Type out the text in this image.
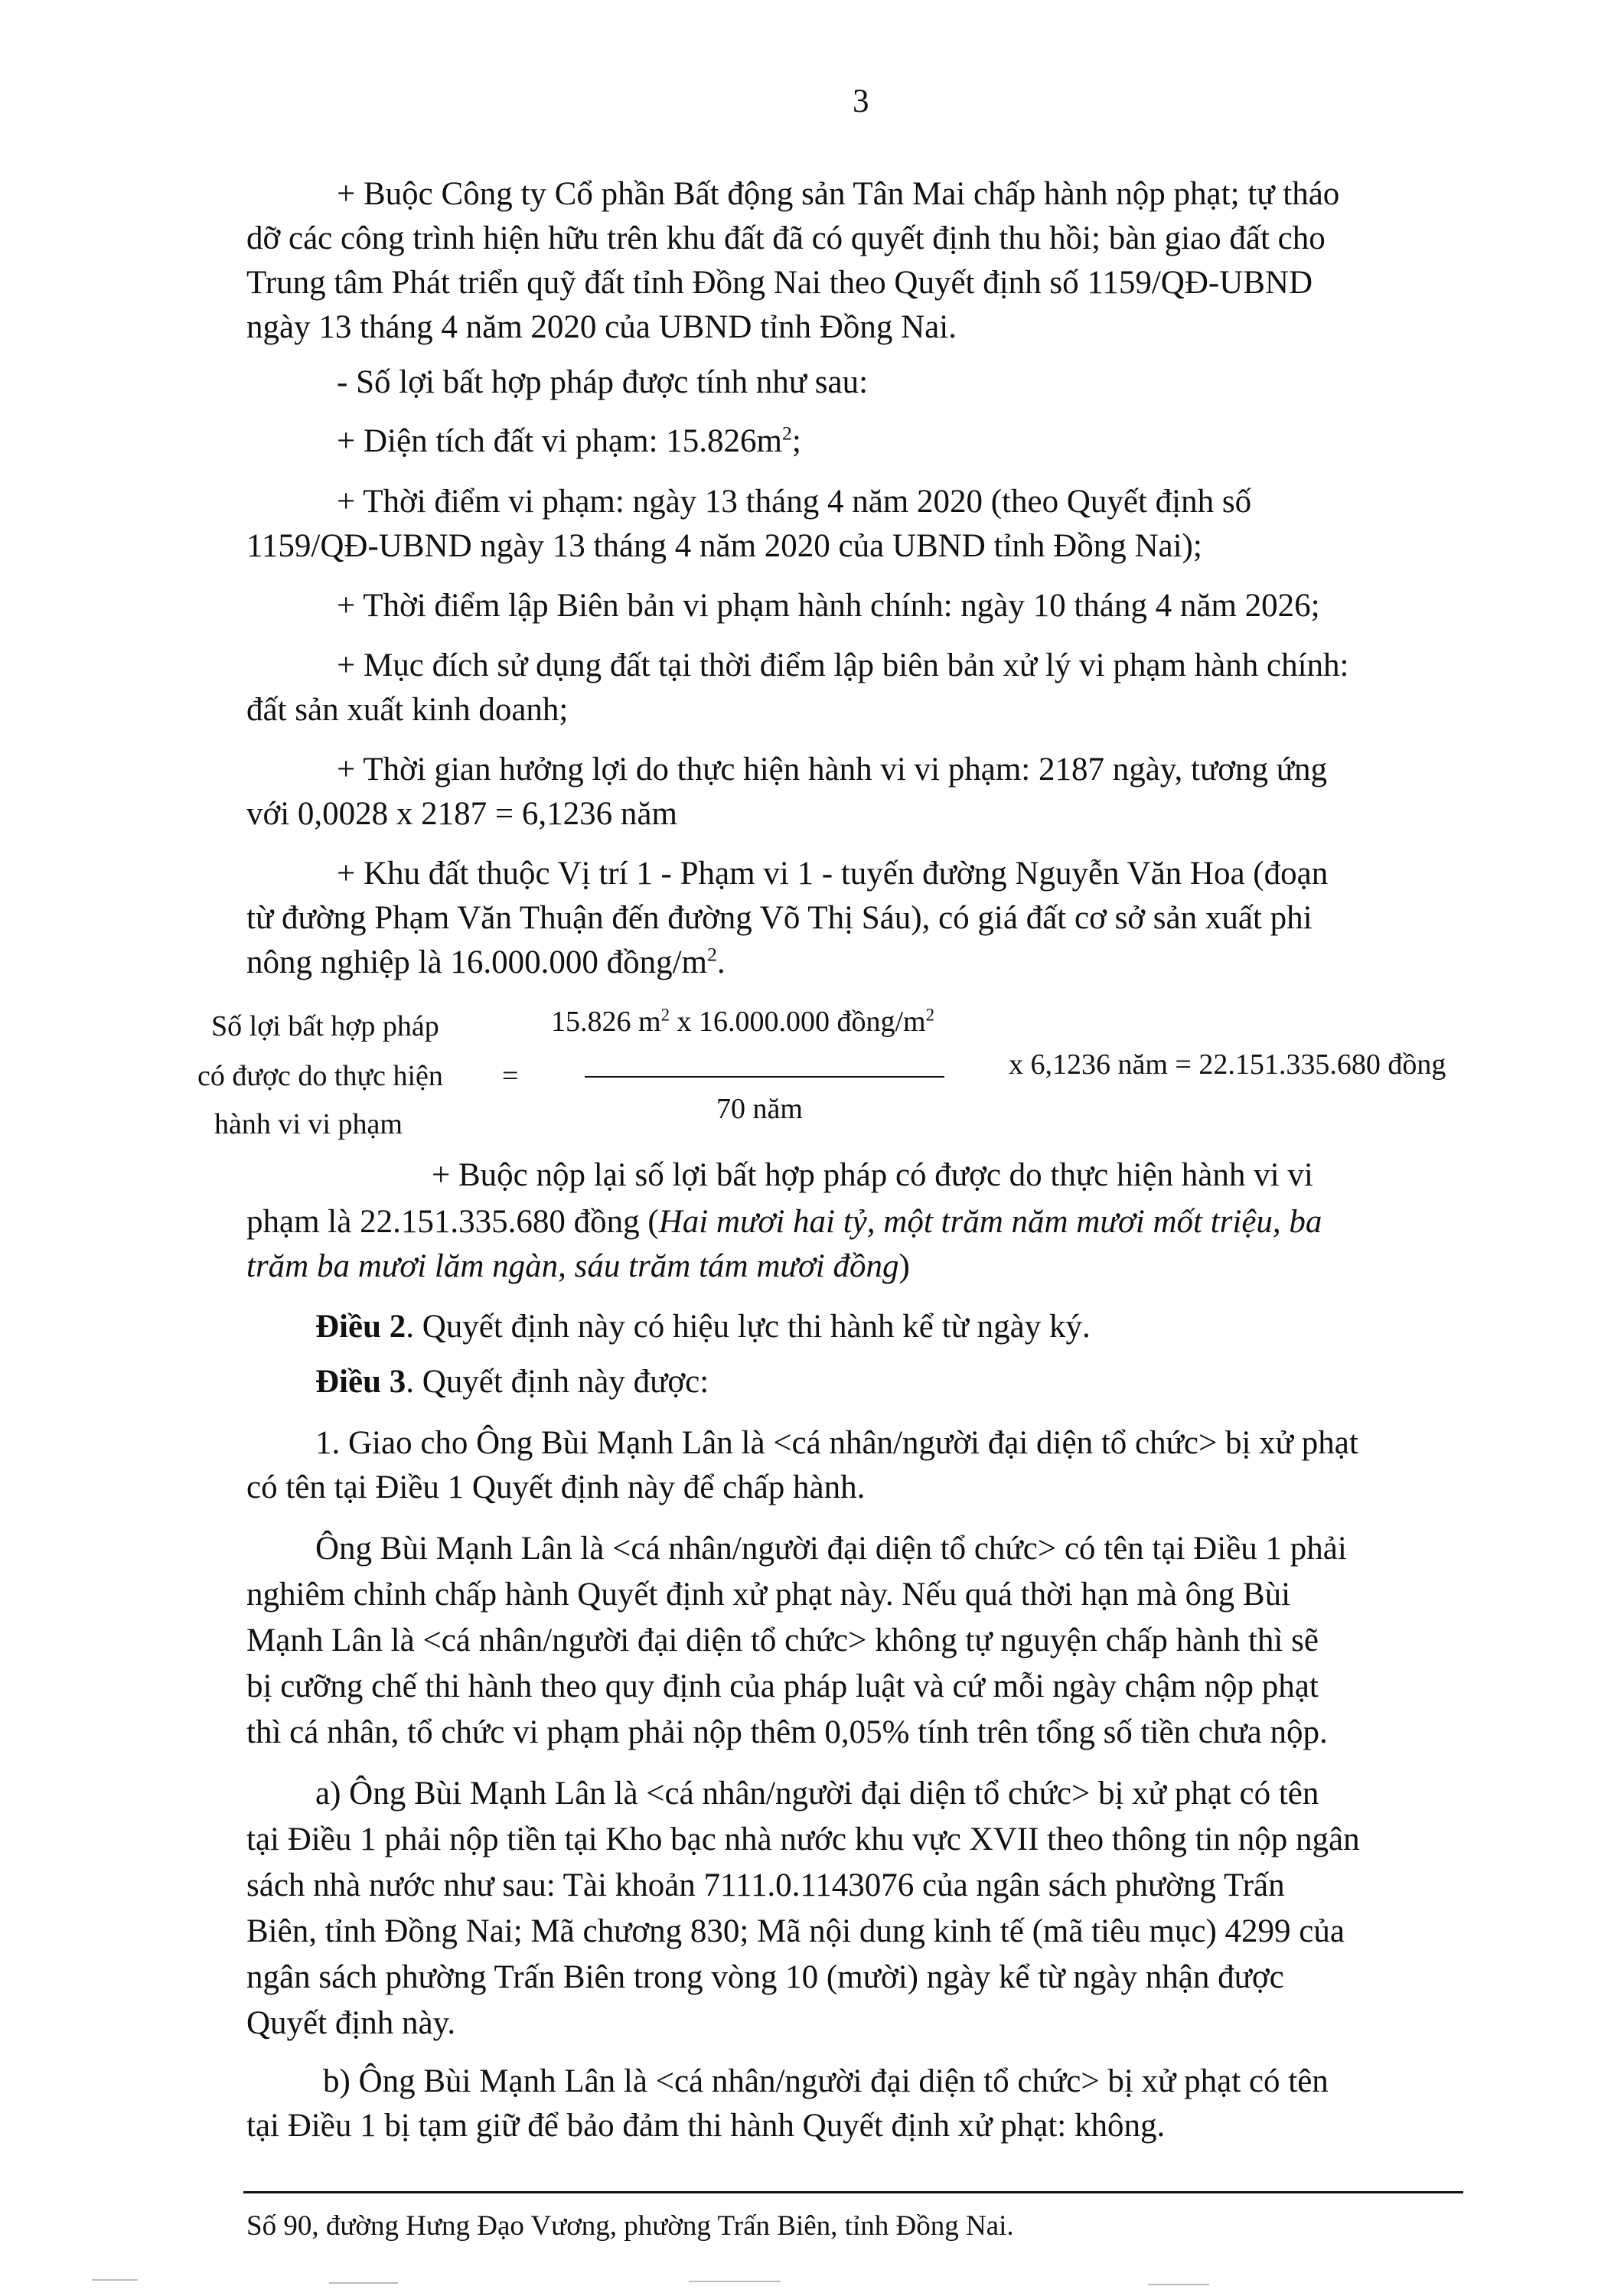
3
+ Buộc Công ty Cổ phần Bất động sản Tân Mai chấp hành nộp phạt; tự tháo
dỡ các công trình hiện hữu trên khu đất đã có quyết định thu hồi; bàn giao đất cho
Trung tâm Phát triển quỹ đất tỉnh Đồng Nai theo Quyết định số 1159/QĐ-UBND
ngày 13 tháng 4 năm 2020 của UBND tỉnh Đồng Nai.
- Số lợi bất hợp pháp được tính như sau:
+ Diện tích đất vi phạm: $15.826m^2$;
+ Thời điểm vi phạm: ngày 13 tháng 4 năm 2020 (theo Quyết định số
1159/QĐ-UBND ngày 13 tháng 4 năm 2020 của UBND tỉnh Đồng Nai);
+ Thời điểm lập Biên bản vi phạm hành chính: ngày 10 tháng 4 năm 2026;
+ Mục đích sử dụng đất tại thời điểm lập biên bản xử lý vi phạm hành chính:
đất sản xuất kinh doanh;
+ Thời gian hưởng lợi do thực hiện hành vi vi phạm: 2187 ngày, tương ứng
với 0,0028 x 2187 = 6,1236 năm
+ Khu đất thuộc Vị trí 1 - Phạm vi 1 - tuyến đường Nguyễn Văn Hoa (đoạn
từ đường Phạm Văn Thuận đến đường Võ Thị Sáu), có giá đất cơ sở sản xuất phi
nông nghiệp là 16.000.000 đồng/$m^2$.
Số lợi bất hợp pháp
có được do thực hiện
hành vi vi phạm
=
15.826 $m^2$ x 16.000.000 đồng/$m^2$
70 năm
x 6,1236 năm = 22.151.335.680 đồng
+ Buộc nộp lại số lợi bất hợp pháp có được do thực hiện hành vi vi
phạm là 22.151.335.680 đồng (Hai mươi hai tỷ, một trăm năm mươi mốt triệu, ba
trăm ba mươi lăm ngàn, sáu trăm tám mươi đồng)
Điều 2. Quyết định này có hiệu lực thi hành kể từ ngày ký.
Điều 3. Quyết định này được:
1. Giao cho Ông Bùi Mạnh Lân là <cá nhân/người đại diện tổ chức> bị xử phạt
có tên tại Điều 1 Quyết định này để chấp hành.
Ông Bùi Mạnh Lân là <cá nhân/người đại diện tổ chức> có tên tại Điều 1 phải
nghiêm chỉnh chấp hành Quyết định xử phạt này. Nếu quá thời hạn mà ông Bùi
Mạnh Lân là <cá nhân/người đại diện tổ chức> không tự nguyện chấp hành thì sẽ
bị cưỡng chế thi hành theo quy định của pháp luật và cứ mỗi ngày chậm nộp phạt
thì cá nhân, tổ chức vi phạm phải nộp thêm 0,05% tính trên tổng số tiền chưa nộp.
a) Ông Bùi Mạnh Lân là <cá nhân/người đại diện tổ chức> bị xử phạt có tên
tại Điều 1 phải nộp tiền tại Kho bạc nhà nước khu vực XVII theo thông tin nộp ngân
sách nhà nước như sau: Tài khoản 7111.0.1143076 của ngân sách phường Trấn
Biên, tỉnh Đồng Nai; Mã chương 830; Mã nội dung kinh tế (mã tiêu mục) 4299 của
ngân sách phường Trấn Biên trong vòng 10 (mười) ngày kể từ ngày nhận được
Quyết định này.
b) Ông Bùi Mạnh Lân là <cá nhân/người đại diện tổ chức> bị xử phạt có tên
tại Điều 1 bị tạm giữ để bảo đảm thi hành Quyết định xử phạt: không.
Số 90, đường Hưng Đạo Vương, phường Trấn Biên, tỉnh Đồng Nai.
